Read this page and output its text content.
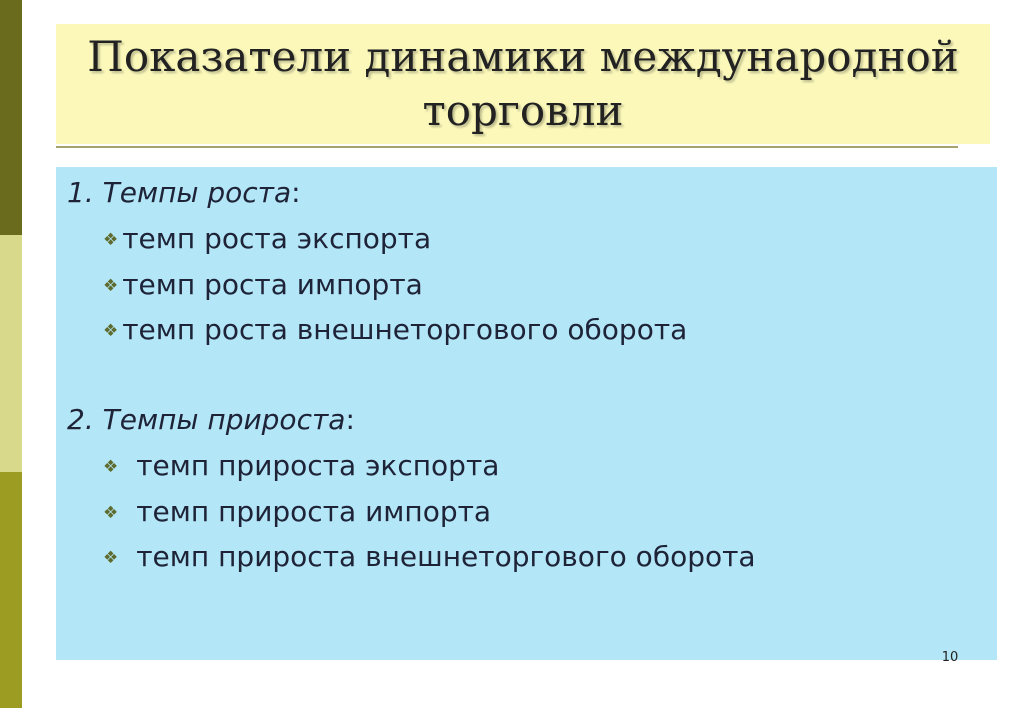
Показатели динамики международной торговли

1. Темпы роста:

❖ темп роста экспорта
❖ темп роста импорта
❖ темп роста внешнеторгового оборота

2. Темпы прироста:

❖ темп прироста экспорта
❖ темп прироста импорта
❖ темп прироста внешнеторгового оборота
10
